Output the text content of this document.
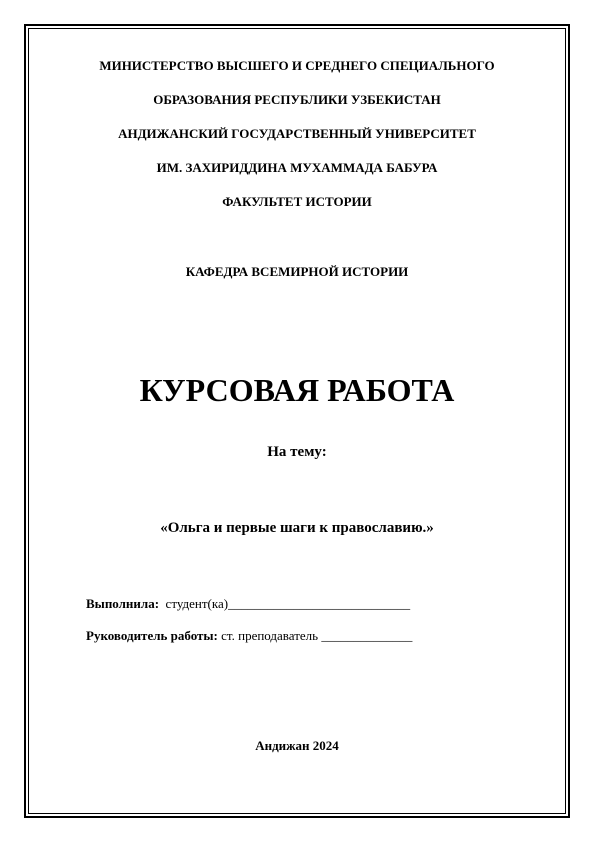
МИНИСТЕРСТВО ВЫСШЕГО И СРЕДНЕГО СПЕЦИАЛЬНОГО
ОБРАЗОВАНИЯ РЕСПУБЛИКИ УЗБЕКИСТАН
АНДИЖАНСКИЙ ГОСУДАРСТВЕННЫЙ УНИВЕРСИТЕТ
ИМ. ЗАХИРИДДИНА МУХАММАДА БАБУРА
ФАКУЛЬТЕТ ИСТОРИИ
КАФЕДРА ВСЕМИРНОЙ ИСТОРИИ
КУРСОВАЯ РАБОТА
На тему:
«Ольга и первые шаги к православию.»
Выполнила: студент(ка)____________________________
Руководитель работы: ст. преподаватель ______________
Андижан 2024
